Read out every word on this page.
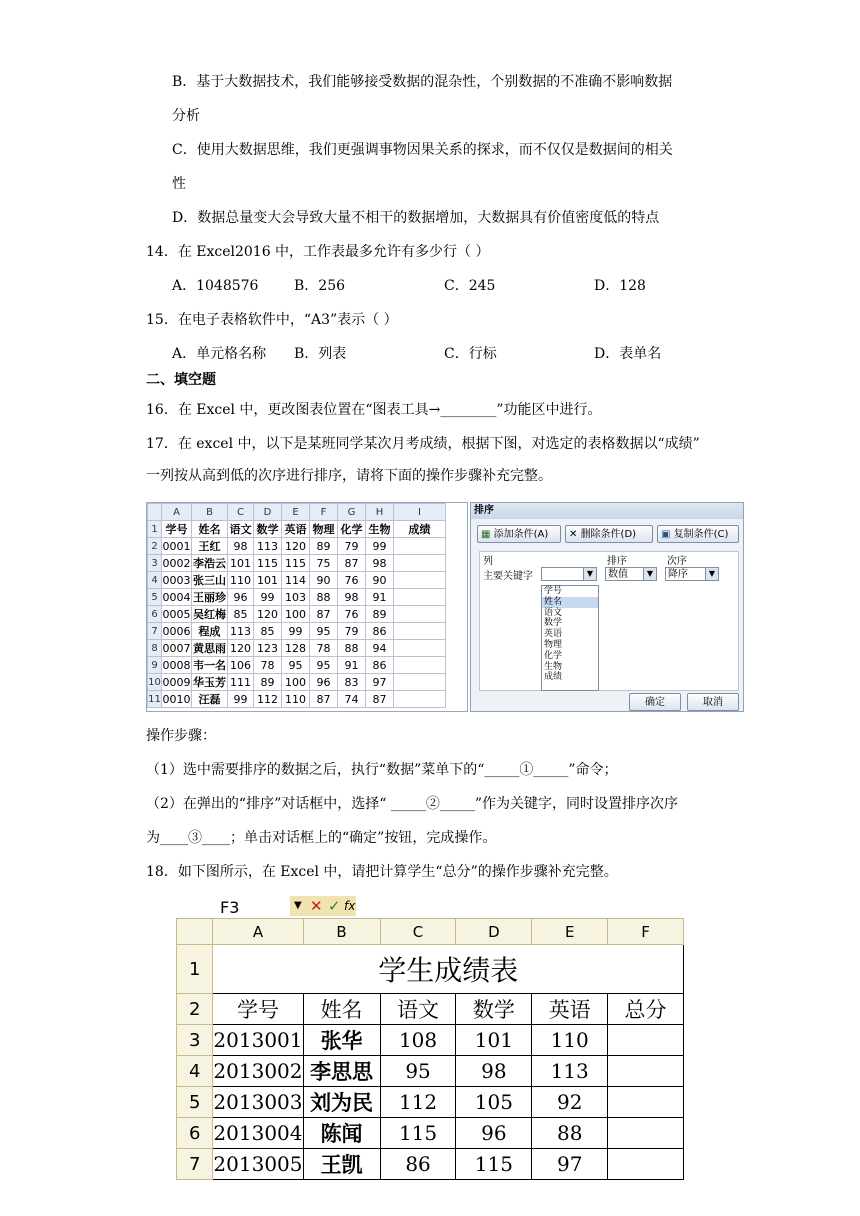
B．基于大数据技术，我们能够接受数据的混杂性，个别数据的不准确不影响数据
分析
C．使用大数据思维，我们更强调事物因果关系的探求，而不仅仅是数据间的相关
性
D．数据总量变大会导致大量不相干的数据增加，大数据具有价值密度低的特点
14．在 Excel2016 中，工作表最多允许有多少行（ ）
A．1048576	B．256	C．245	D．128
15．在电子表格软件中，“A3”表示（ ）
A．单元格名称 B．列表	C．行标	D．表单名
二、填空题
16．在 Excel 中，更改图表位置在“图表工具→________”功能区中进行。
17．在 excel 中，以下是某班同学某次月考成绩，根据下图，对选定的表格数据以“成绩”
一列按从高到低的次序进行排序，请将下面的操作步骤补充完整。
	A	B	C	D	E	F	G	H	I
1	学号	姓名	语文	数学	英语	物理	化学	生物	成绩
2	0001	王红	98	113	120	89	79	99	
3	0002	李浩云	101	115	115	75	87	98	
4	0003	张三山	110	101	114	90	76	90	
5	0004	王丽珍	96	99	103	88	98	91	
6	0005	吴红梅	85	120	100	87	76	89	
7	0006	程成	113	85	99	95	79	86	
8	0007	黄思雨	120	123	128	78	88	94	
9	0008	韦一名	106	78	95	95	91	86	
10	0009	华玉芳	111	89	100	96	83	97	
11	0010	汪磊	99	112	110	87	74	87	
排序
▦ 添加条件(A)	✕ 删除条件(D)	▣ 复制条件(C)
列	排序	次序
主要关键字	▼	数值	▼	降序	▼
学号
姓名
语文
数学
英语
物理
化学
生物
成绩
确定	取消
操作步骤：
（1）选中需要排序的数据之后，执行“数据”菜单下的“_____①_____”命令；
（2）在弹出的“排序”对话框中，选择“ _____②_____”作为关键字，同时设置排序次序
为____③____；单击对话框上的“确定”按钮，完成操作。
18．如下图所示，在 Excel 中，请把计算学生“总分”的操作步骤补充完整。
F3	▼ ✕ ✓ fx
	A	B	C	D	E	F
1	学生成绩表					
2	学号	姓名	语文	数学	英语	总分
3	2013001	张华	108	101	110	
4	2013002	李思思	95	98	113	
5	2013003	刘为民	112	105	92	
6	2013004	陈闻	115	96	88	
7	2013005	王凯	86	115	97	
